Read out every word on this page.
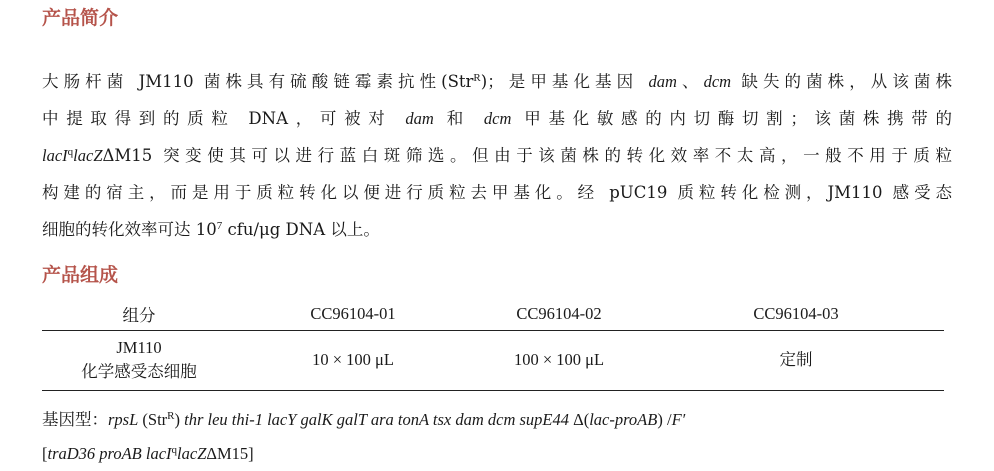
产品简介
大肠杆菌 JM110 菌株具有硫酸链霉素抗性(Str$^R$)；是甲基化基因 dam、dcm 缺失的菌株，从该菌株
中提取得到的质粒 DNA，可被对 dam 和 dcm 甲基化敏感的内切酶切割；该菌株携带的
lacI$^q$lacZΔM15 突变使其可以进行蓝白斑筛选。但由于该菌株的转化效率不太高，一般不用于质粒
构建的宿主，而是用于质粒转化以便进行质粒去甲基化。经 pUC19 质粒转化检测，JM110 感受态
细胞的转化效率可达 $10^7$ cfu/μg DNA 以上。
产品组成
组分	CC96104-01	CC96104-02	CC96104-03

JM110
化学感受态细胞	10 × 100 μL	100 × 100 μL	定制
基因型：rpsL (Str$^R$) thr leu thi-1 lacY galK galT ara tonA tsx dam dcm supE44 Δ(lac-proAB) /F′
[traD36 proAB lacI$^q$lacZΔM15]
